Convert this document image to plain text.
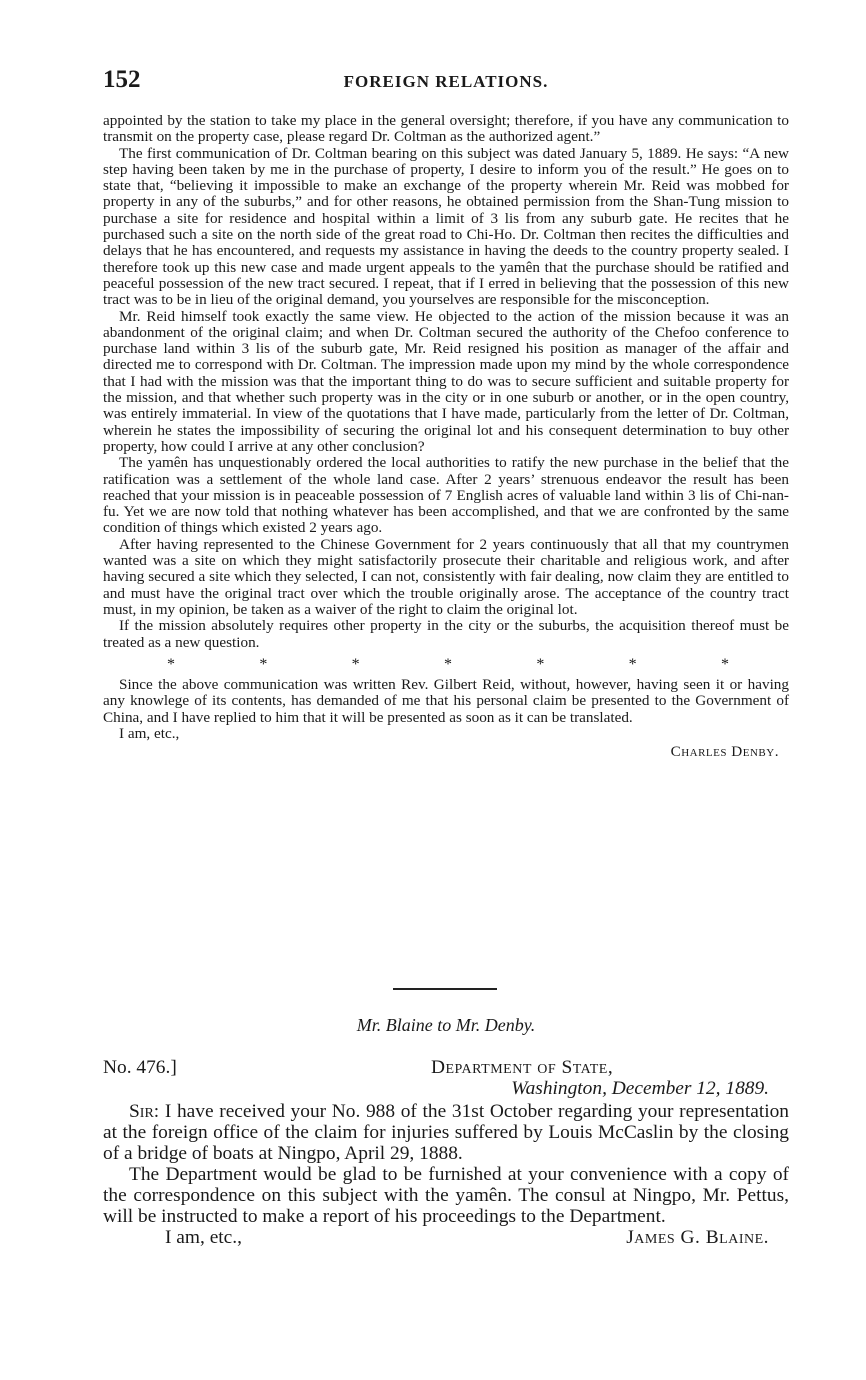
152	FOREIGN RELATIONS.

appointed by the station to take my place in the general oversight; therefore, if you have any communication to transmit on the property case, please regard Dr. Coltman as the authorized agent.”

The first communication of Dr. Coltman bearing on this subject was dated January 5, 1889. He says: “A new step having been taken by me in the purchase of property, I desire to inform you of the result.” He goes on to state that, “believing it impossible to make an exchange of the property wherein Mr. Reid was mobbed for property in any of the suburbs,” and for other reasons, he obtained permission from the Shan-Tung mission to purchase a site for residence and hospital within a limit of 3 lis from any suburb gate. He recites that he purchased such a site on the north side of the great road to Chi-Ho. Dr. Coltman then recites the difficulties and delays that he has encountered, and requests my assistance in having the deeds to the country property sealed. I therefore took up this new case and made urgent appeals to the yamên that the purchase should be ratified and peaceful possession of the new tract secured. I repeat, that if I erred in believing that the possession of this new tract was to be in lieu of the original demand, you yourselves are responsible for the misconception.

Mr. Reid himself took exactly the same view. He objected to the action of the mission because it was an abandonment of the original claim; and when Dr. Coltman secured the authority of the Chefoo conference to purchase land within 3 lis of the suburb gate, Mr. Reid resigned his position as manager of the affair and directed me to correspond with Dr. Coltman. The impression made upon my mind by the whole correspondence that I had with the mission was that the important thing to do was to secure sufficient and suitable property for the mission, and that whether such property was in the city or in one suburb or another, or in the open country, was entirely immaterial. In view of the quotations that I have made, particularly from the letter of Dr. Coltman, wherein he states the impossibility of securing the original lot and his consequent determination to buy other property, how could I arrive at any other conclusion?

The yamên has unquestionably ordered the local authorities to ratify the new purchase in the belief that the ratification was a settlement of the whole land case. After 2 years’ strenuous endeavor the result has been reached that your mission is in peaceable possession of 7 English acres of valuable land within 3 lis of Chi-nan-fu. Yet we are now told that nothing whatever has been accomplished, and that we are confronted by the same condition of things which existed 2 years ago.

After having represented to the Chinese Government for 2 years continuously that all that my countrymen wanted was a site on which they might satisfactorily prosecute their charitable and religious work, and after having secured a site which they selected, I can not, consistently with fair dealing, now claim they are entitled to and must have the original tract over which the trouble originally arose. The acceptance of the country tract must, in my opinion, be taken as a waiver of the right to claim the original lot.

If the mission absolutely requires other property in the city or the suburbs, the acquisition thereof must be treated as a new question.

*	*	*	*	*	*	*

Since the above communication was written Rev. Gilbert Reid, without, however, having seen it or having any knowlege of its contents, has demanded of me that his personal claim be presented to the Government of China, and I have replied to him that it will be presented as soon as it can be translated.

I am, etc.,

Charles Denby.
Mr. Blaine to Mr. Denby.
No. 476.]	Department of State,
Washington, December 12, 1889.

Sir: I have received your No. 988 of the 31st October regarding your representation at the foreign office of the claim for injuries suffered by Louis McCaslin by the closing of a bridge of boats at Ningpo, April 29, 1888.

The Department would be glad to be furnished at your convenience with a copy of the correspondence on this subject with the yamên. The consul at Ningpo, Mr. Pettus, will be instructed to make a report of his proceedings to the Department.

I am, etc.,	James G. Blaine.
